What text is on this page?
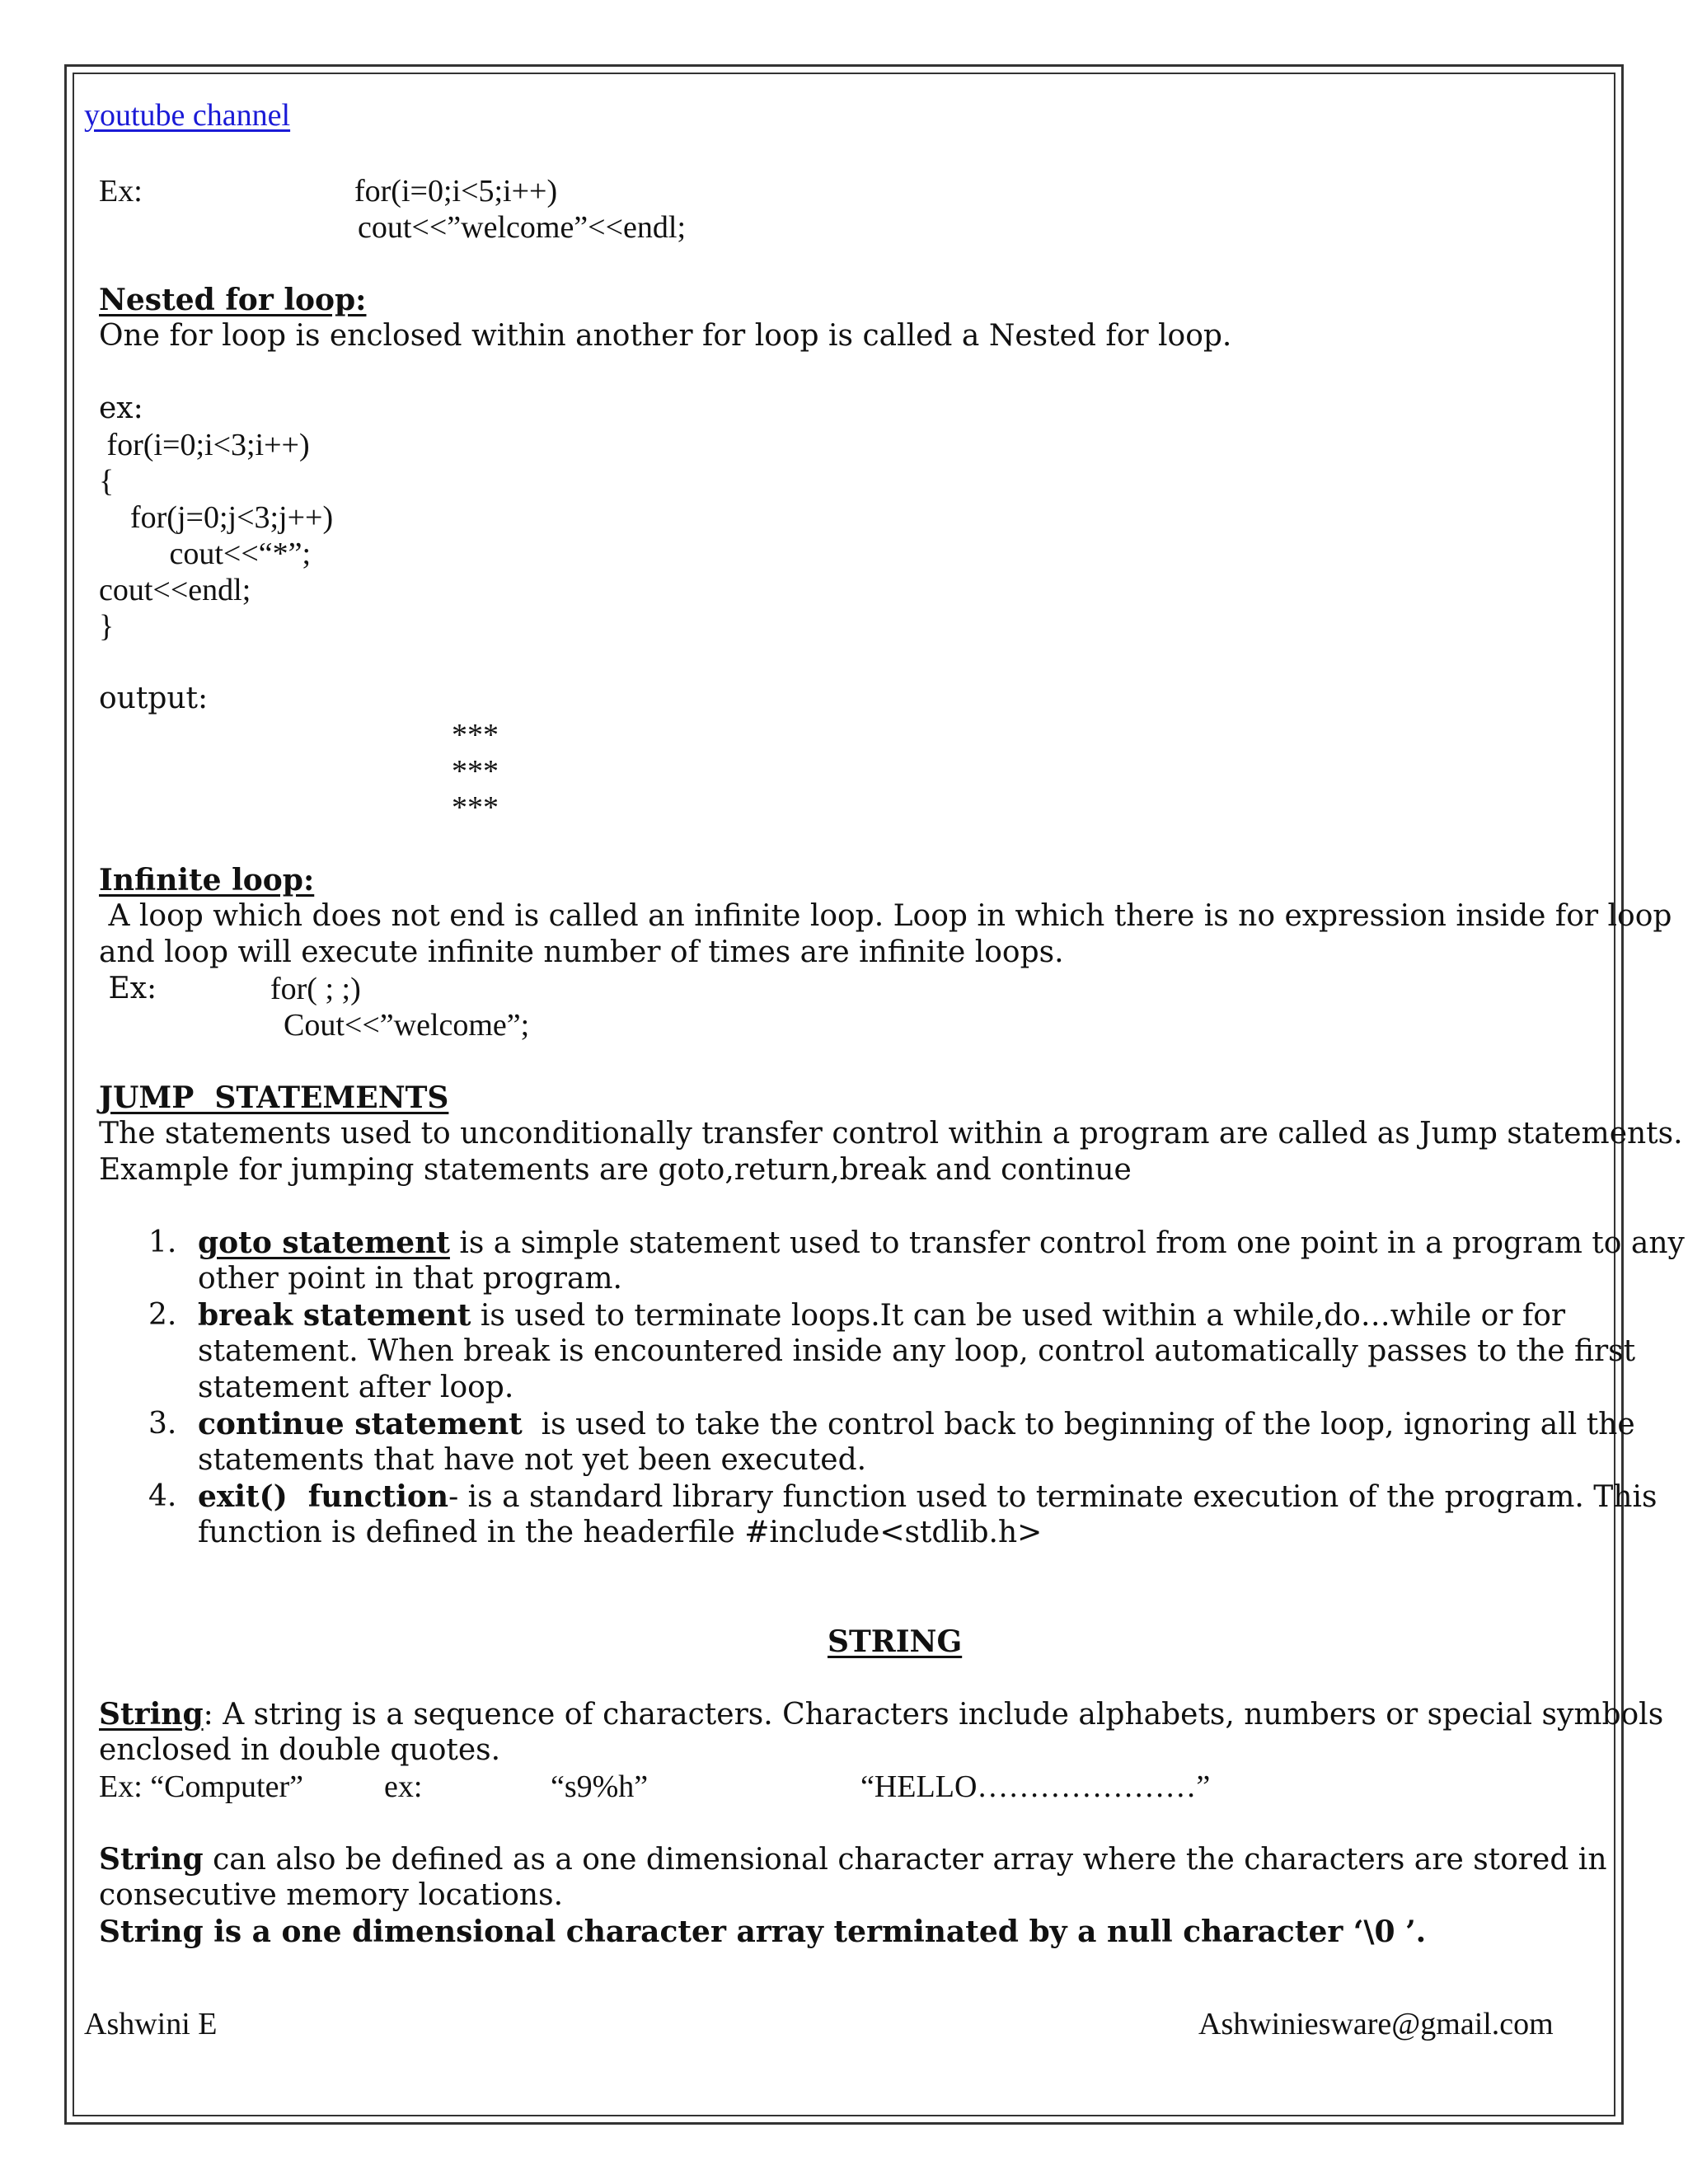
youtube channel
Ex:	for(i=0;i<5;i++)
cout<<”welcome”<<endl;
Nested for loop:
One for loop is enclosed within another for loop is called a Nested for loop.
ex:
for(i=0;i<3;i++)
{
for(j=0;j<3;j++)
cout<<“*”;
cout<<endl;
}
output:
***
***
***
Infinite loop:
A loop which does not end is called an infinite loop. Loop in which there is no expression inside for loop
and loop will execute infinite number of times are infinite loops.
Ex:	for( ; ;)
Cout<<”welcome”;
JUMP  STATEMENTS
The statements used to unconditionally transfer control within a program are called as Jump statements.
Example for jumping statements are goto,return,break and continue
1. goto statement is a simple statement used to transfer control from one point in a program to any
other point in that program.
2. break statement is used to terminate loops.It can be used within a while,do…while or for
statement. When break is encountered inside any loop, control automatically passes to the first
statement after loop.
3. continue statement  is used to take the control back to beginning of the loop, ignoring all the
statements that have not yet been executed.
4. exit()  function- is a standard library function used to terminate execution of the program. This
function is defined in the headerfile #include<stdlib.h>
STRING
String: A string is a sequence of characters. Characters include alphabets, numbers or special symbols
enclosed in double quotes.
Ex: “Computer”	ex:	“s9%h”	“HELLO…………………”
String can also be defined as a one dimensional character array where the characters are stored in
consecutive memory locations.
String is a one dimensional character array terminated by a null character ‘\0 ’.
Ashwini E	Ashwiniesware@gmail.com
